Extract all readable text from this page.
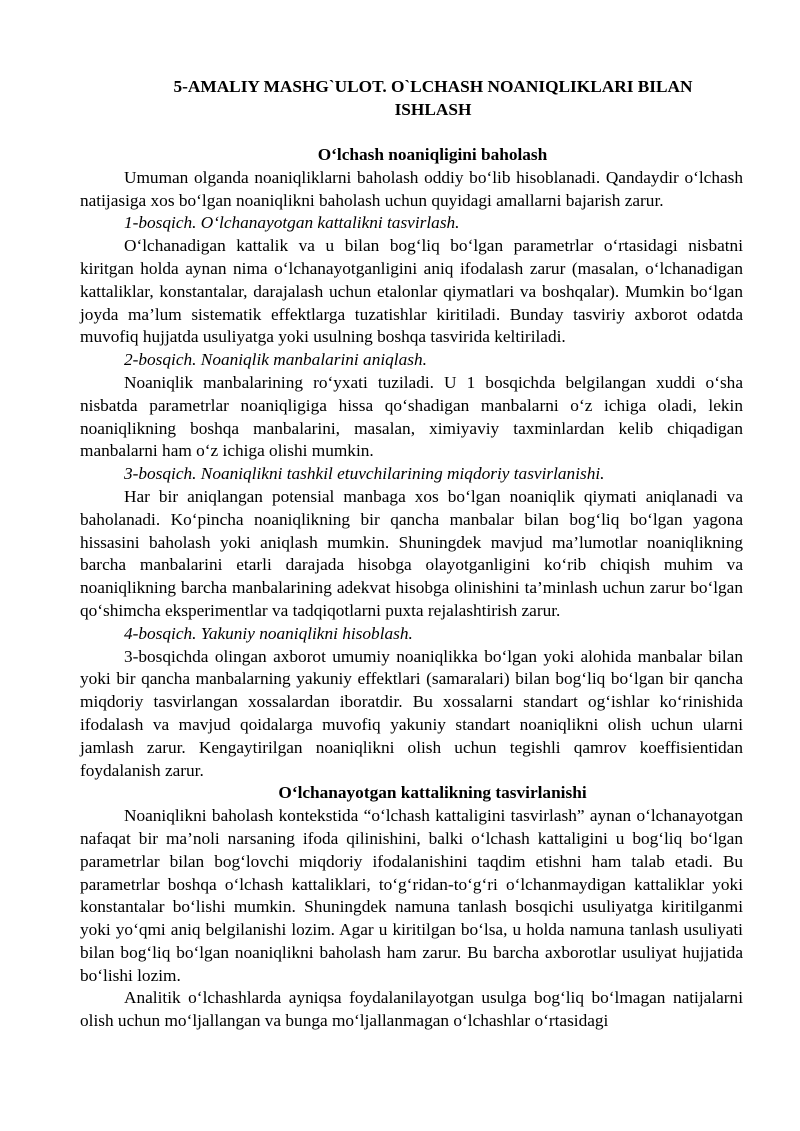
5-AMALIY MASHG`ULOT. O`LCHASH NOANIQLIKLARI BILAN
ISHLASH
O‘lchash noaniqligini baholash

Umuman olganda noaniqliklarni baholash oddiy bo‘lib hisoblanadi. Qandaydir o‘lchash natijasiga xos bo‘lgan noaniqlikni baholash uchun quyidagi amallarni bajarish zarur.

1-bosqich. O‘lchanayotgan kattalikni tasvirlash.

O‘lchanadigan kattalik va u bilan bog‘liq bo‘lgan parametrlar o‘rtasidagi nisbatni kiritgan holda aynan nima o‘lchanayotganligini aniq ifodalash zarur (masalan, o‘lchanadigan kattaliklar, konstantalar, darajalash uchun etalonlar qiymatlari va boshqalar). Mumkin bo‘lgan joyda ma’lum sistematik effektlarga tuzatishlar kiritiladi. Bunday tasviriy axborot odatda muvofiq hujjatda usuliyatga yoki usulning boshqa tasvirida keltiriladi.

2-bosqich. Noaniqlik manbalarini aniqlash.

Noaniqlik manbalarining ro‘yxati tuziladi. U 1 bosqichda belgilangan xuddi o‘sha nisbatda parametrlar noaniqligiga hissa qo‘shadigan manbalarni o‘z ichiga oladi, lekin noaniqlikning boshqa manbalarini, masalan, ximiyaviy taxminlardan kelib chiqadigan manbalarni ham o‘z ichiga olishi mumkin.

3-bosqich. Noaniqlikni tashkil etuvchilarining miqdoriy tasvirlanishi.

Har bir aniqlangan potensial manbaga xos bo‘lgan noaniqlik qiymati aniqlanadi va baholanadi. Ko‘pincha noaniqlikning bir qancha manbalar bilan bog‘liq bo‘lgan yagona hissasini baholash yoki aniqlash mumkin. Shuningdek mavjud ma’lumotlar noaniqlikning barcha manbalarini etarli darajada hisobga olayotganligini ko‘rib chiqish muhim va noaniqlikning barcha manbalarining adekvat hisobga olinishini ta’minlash uchun zarur bo‘lgan qo‘shimcha eksperimentlar va tadqiqotlarni puxta rejalashtirish zarur.

4-bosqich. Yakuniy noaniqlikni hisoblash.

3-bosqichda olingan axborot umumiy noaniqlikka bo‘lgan yoki alohida manbalar bilan yoki bir qancha manbalarning yakuniy effektlari (samaralari) bilan bog‘liq bo‘lgan bir qancha miqdoriy tasvirlangan xossalardan iboratdir. Bu xossalarni standart og‘ishlar ko‘rinishida ifodalash va mavjud qoidalarga muvofiq yakuniy standart noaniqlikni olish uchun ularni jamlash zarur. Kengaytirilgan noaniqlikni olish uchun tegishli qamrov koeffisientidan foydalanish zarur.

O‘lchanayotgan kattalikning tasvirlanishi

Noaniqlikni baholash kontekstida “o‘lchash kattaligini tasvirlash” aynan o‘lchanayotgan nafaqat bir ma’noli narsaning ifoda qilinishini, balki o‘lchash kattaligini u bog‘liq bo‘lgan parametrlar bilan bog‘lovchi miqdoriy ifodalanishini taqdim etishni ham talab etadi. Bu parametrlar boshqa o‘lchash kattaliklari, to‘g‘ridan-to‘g‘ri o‘lchanmaydigan kattaliklar yoki konstantalar bo‘lishi mumkin. Shuningdek namuna tanlash bosqichi usuliyatga kiritilganmi yoki yo‘qmi aniq belgilanishi lozim. Agar u kiritilgan bo‘lsa, u holda namuna tanlash usuliyati bilan bog‘liq bo‘lgan noaniqlikni baholash ham zarur. Bu barcha axborotlar usuliyat hujjatida bo‘lishi lozim.

Analitik o‘lchashlarda ayniqsa foydalanilayotgan usulga bog‘liq bo‘lmagan natijalarni olish uchun mo‘ljallangan va bunga mo‘ljallanmagan o‘lchashlar o‘rtasidagi
